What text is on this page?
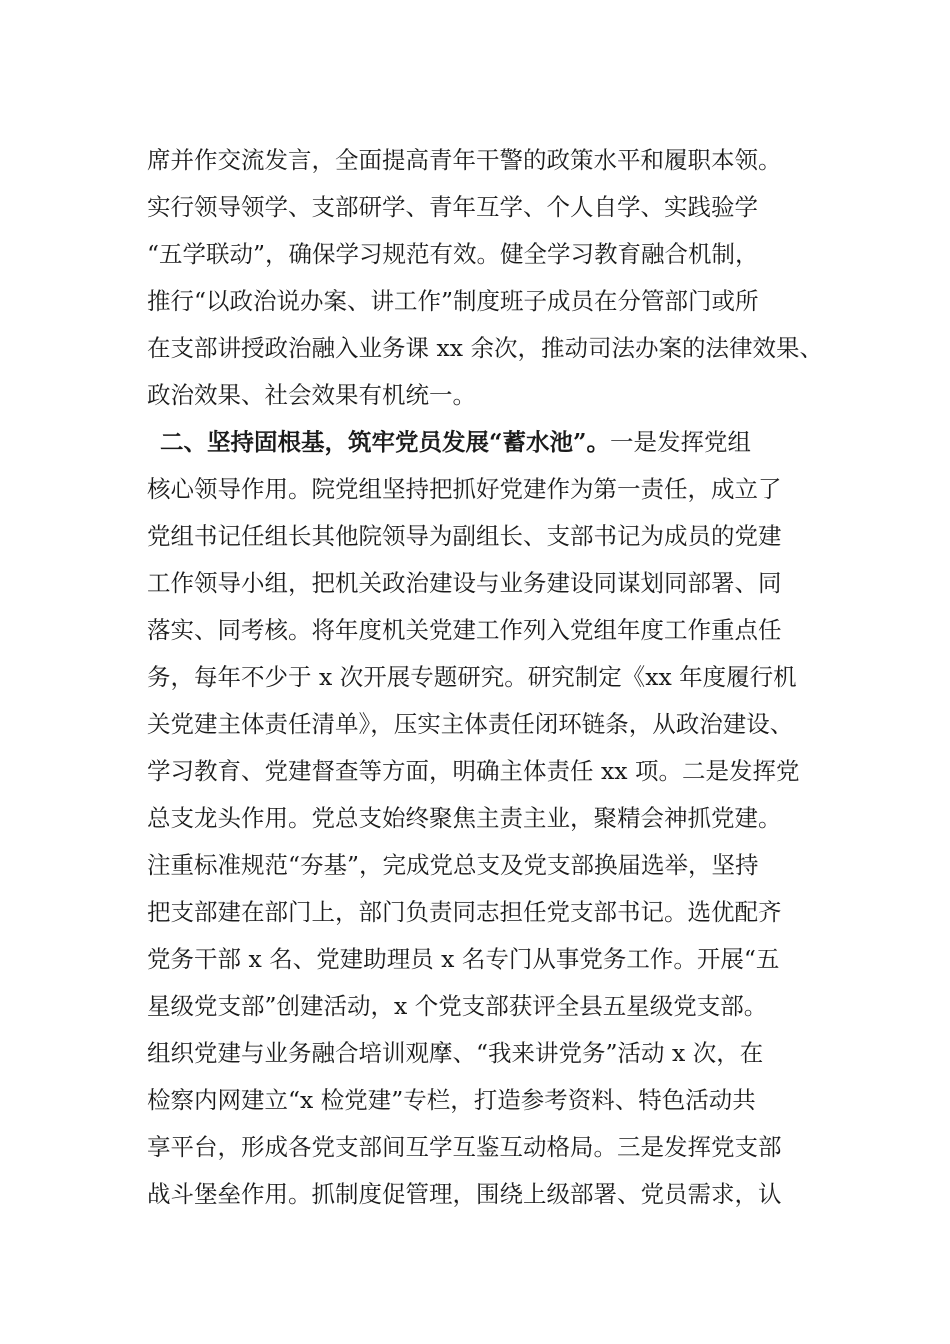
席并作交流发言，全面提高青年干警的政策水平和履职本领。
实行领导领学、支部研学、青年互学、个人自学、实践验学
“五学联动”，确保学习规范有效。健全学习教育融合机制，
推行“以政治说办案、讲工作”制度班子成员在分管部门或所
在支部讲授政治融入业务课 xx 余次，推动司法办案的法律效果、
政治效果、社会效果有机统一。
二、坚持固根基，筑牢党员发展“蓄水池”。一是发挥党组
核心领导作用。院党组坚持把抓好党建作为第一责任，成立了
党组书记任组长其他院领导为副组长、支部书记为成员的党建
工作领导小组，把机关政治建设与业务建设同谋划同部署、同
落实、同考核。将年度机关党建工作列入党组年度工作重点任
务，每年不少于 x 次开展专题研究。研究制定《xx 年度履行机
关党建主体责任清单》，压实主体责任闭环链条，从政治建设、
学习教育、党建督查等方面，明确主体责任 xx 项。二是发挥党
总支龙头作用。党总支始终聚焦主责主业，聚精会神抓党建。
注重标准规范“夯基”，完成党总支及党支部换届选举，坚持
把支部建在部门上，部门负责同志担任党支部书记。选优配齐
党务干部 x 名、党建助理员 x 名专门从事党务工作。开展“五
星级党支部”创建活动，x 个党支部获评全县五星级党支部。
组织党建与业务融合培训观摩、“我来讲党务”活动 x 次，在
检察内网建立“x 检党建”专栏，打造参考资料、特色活动共
享平台，形成各党支部间互学互鉴互动格局。三是发挥党支部
战斗堡垒作用。抓制度促管理，围绕上级部署、党员需求，认
